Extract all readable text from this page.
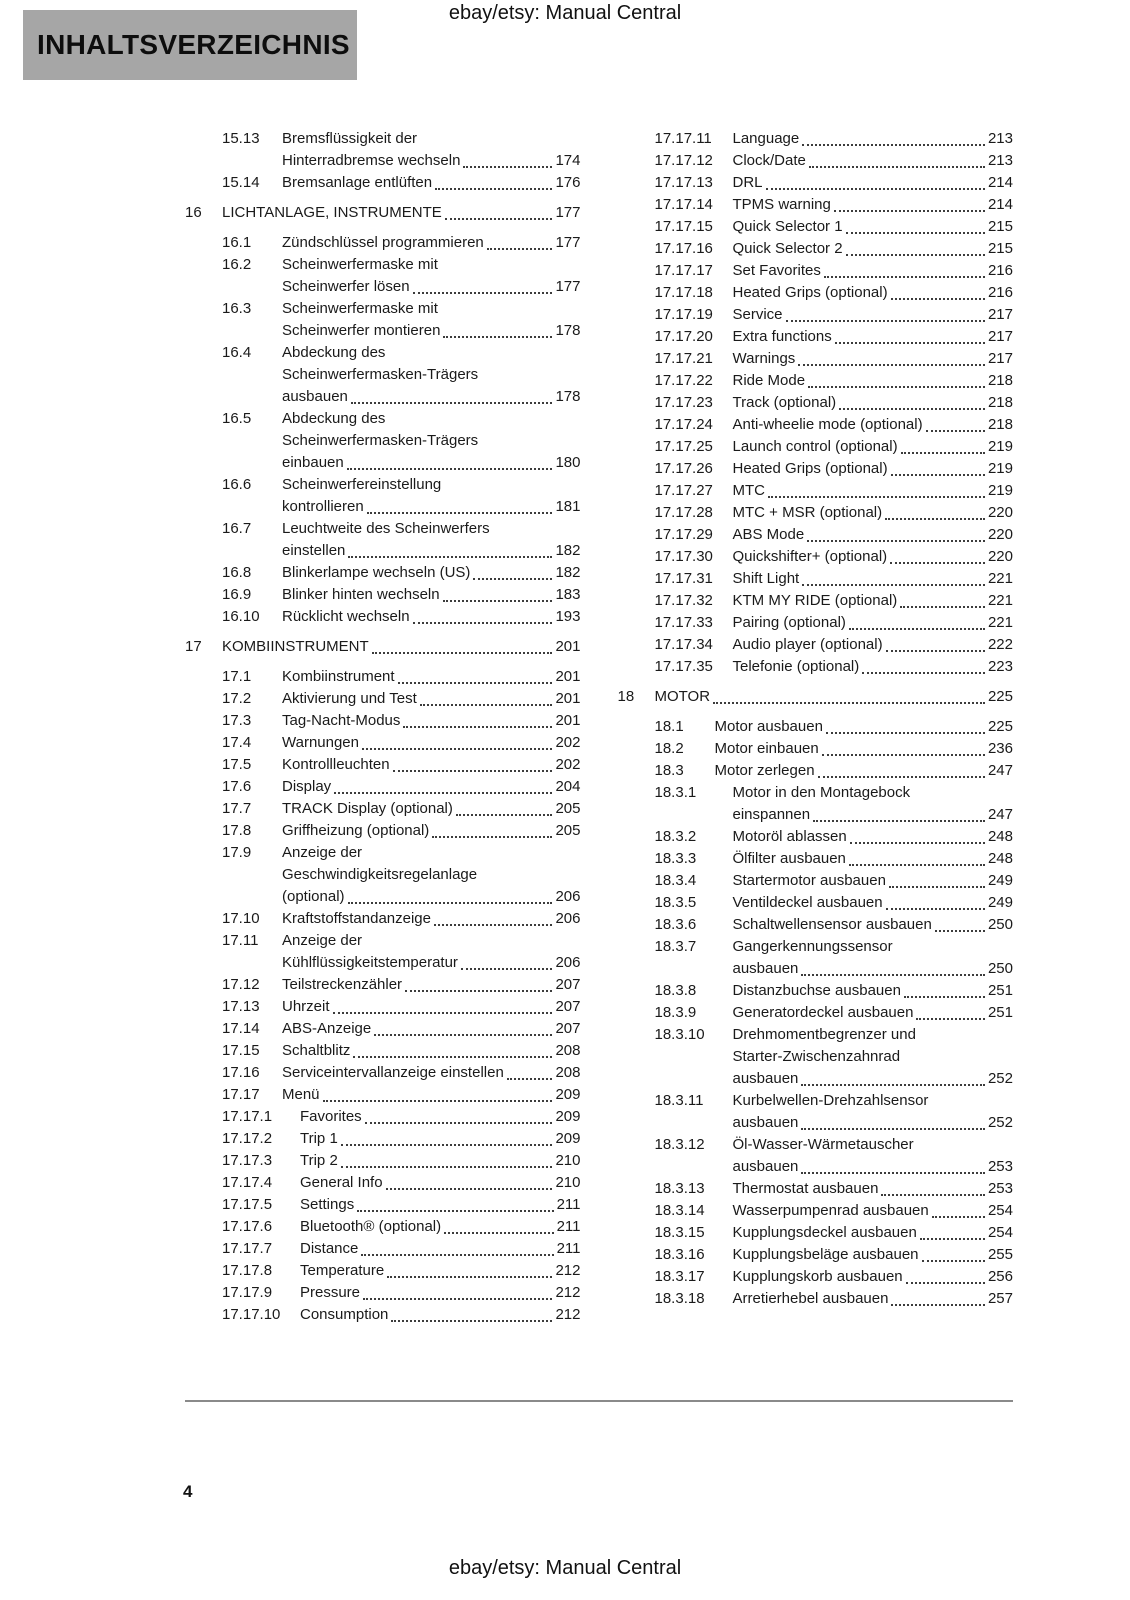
ebay/etsy: Manual Central
INHALTSVERZEICHNIS
15.13	Bremsflüssigkeit der
Hinterradbremse wechseln	174
15.14	Bremsanlage entlüften	176
16	LICHTANLAGE, INSTRUMENTE	177
16.1	Zündschlüssel programmieren	177
16.2	Scheinwerfermaske mit
Scheinwerfer lösen	177
16.3	Scheinwerfermaske mit
Scheinwerfer montieren	178
16.4	Abdeckung des
Scheinwerfermasken-Trägers
ausbauen	178
16.5	Abdeckung des
Scheinwerfermasken-Trägers
einbauen	180
16.6	Scheinwerfereinstellung
kontrollieren	181
16.7	Leuchtweite des Scheinwerfers
einstellen	182
16.8	Blinkerlampe wechseln (US)	182
16.9	Blinker hinten wechseln	183
16.10	Rücklicht wechseln	193
17	KOMBIINSTRUMENT	201
17.1	Kombiinstrument	201
17.2	Aktivierung und Test	201
17.3	Tag-Nacht-Modus	201
17.4	Warnungen	202
17.5	Kontrollleuchten	202
17.6	Display	204
17.7	TRACK Display (optional)	205
17.8	Griffheizung (optional)	205
17.9	Anzeige der
Geschwindigkeitsregelanlage
(optional)	206
17.10	Kraftstoffstandanzeige	206
17.11	Anzeige der
Kühlflüssigkeitstemperatur	206
17.12	Teilstreckenzähler	207
17.13	Uhrzeit	207
17.14	ABS-Anzeige	207
17.15	Schaltblitz	208
17.16	Serviceintervallanzeige einstellen	208
17.17	Menü	209
17.17.1	Favorites	209
17.17.2	Trip 1	209
17.17.3	Trip 2	210
17.17.4	General Info	210
17.17.5	Settings	211
17.17.6	Bluetooth® (optional)	211
17.17.7	Distance	211
17.17.8	Temperature	212
17.17.9	Pressure	212
17.17.10	Consumption	212
17.17.11	Language	213
17.17.12	Clock/Date	213
17.17.13	DRL	214
17.17.14	TPMS warning	214
17.17.15	Quick Selector 1	215
17.17.16	Quick Selector 2	215
17.17.17	Set Favorites	216
17.17.18	Heated Grips (optional)	216
17.17.19	Service	217
17.17.20	Extra functions	217
17.17.21	Warnings	217
17.17.22	Ride Mode	218
17.17.23	Track (optional)	218
17.17.24	Anti-wheelie mode (optional)	218
17.17.25	Launch control (optional)	219
17.17.26	Heated Grips (optional)	219
17.17.27	MTC	219
17.17.28	MTC + MSR (optional)	220
17.17.29	ABS Mode	220
17.17.30	Quickshifter+ (optional)	220
17.17.31	Shift Light	221
17.17.32	KTM MY RIDE (optional)	221
17.17.33	Pairing (optional)	221
17.17.34	Audio player (optional)	222
17.17.35	Telefonie (optional)	223
18	MOTOR	225
18.1	Motor ausbauen	225
18.2	Motor einbauen	236
18.3	Motor zerlegen	247
18.3.1	Motor in den Montagebock
einspannen	247
18.3.2	Motoröl ablassen	248
18.3.3	Ölfilter ausbauen	248
18.3.4	Startermotor ausbauen	249
18.3.5	Ventildeckel ausbauen	249
18.3.6	Schaltwellensensor ausbauen	250
18.3.7	Gangerkennungssensor
ausbauen	250
18.3.8	Distanzbuchse ausbauen	251
18.3.9	Generatordeckel ausbauen	251
18.3.10	Drehmomentbegrenzer und
Starter-Zwischenzahnrad
ausbauen	252
18.3.11	Kurbelwellen-Drehzahlsensor
ausbauen	252
18.3.12	Öl-Wasser-Wärmetauscher
ausbauen	253
18.3.13	Thermostat ausbauen	253
18.3.14	Wasserpumpenrad ausbauen	254
18.3.15	Kupplungsdeckel ausbauen	254
18.3.16	Kupplungsbeläge ausbauen	255
18.3.17	Kupplungskorb ausbauen	256
18.3.18	Arretierhebel ausbauen	257
4
ebay/etsy: Manual Central
